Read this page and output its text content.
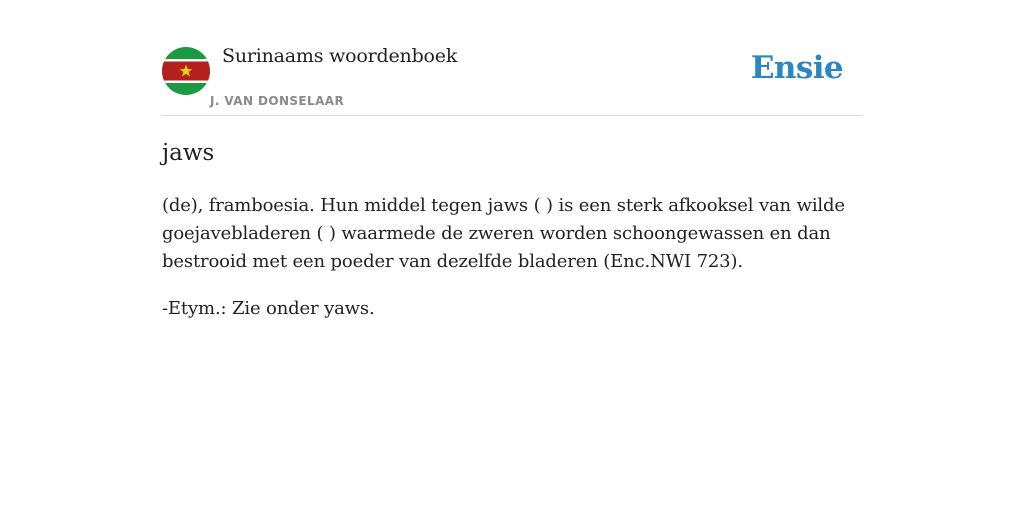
Surinaams woordenboek
J. VAN DONSELAAR
Ensie
jaws

(de), framboesia. Hun middel tegen jaws ( ) is een sterk afkooksel van wilde goejavebladeren ( ) waarmede de zweren worden schoongewassen en dan bestrooid met een poeder van dezelfde bladeren (Enc.NWI 723).

-Etym.: Zie onder yaws.
